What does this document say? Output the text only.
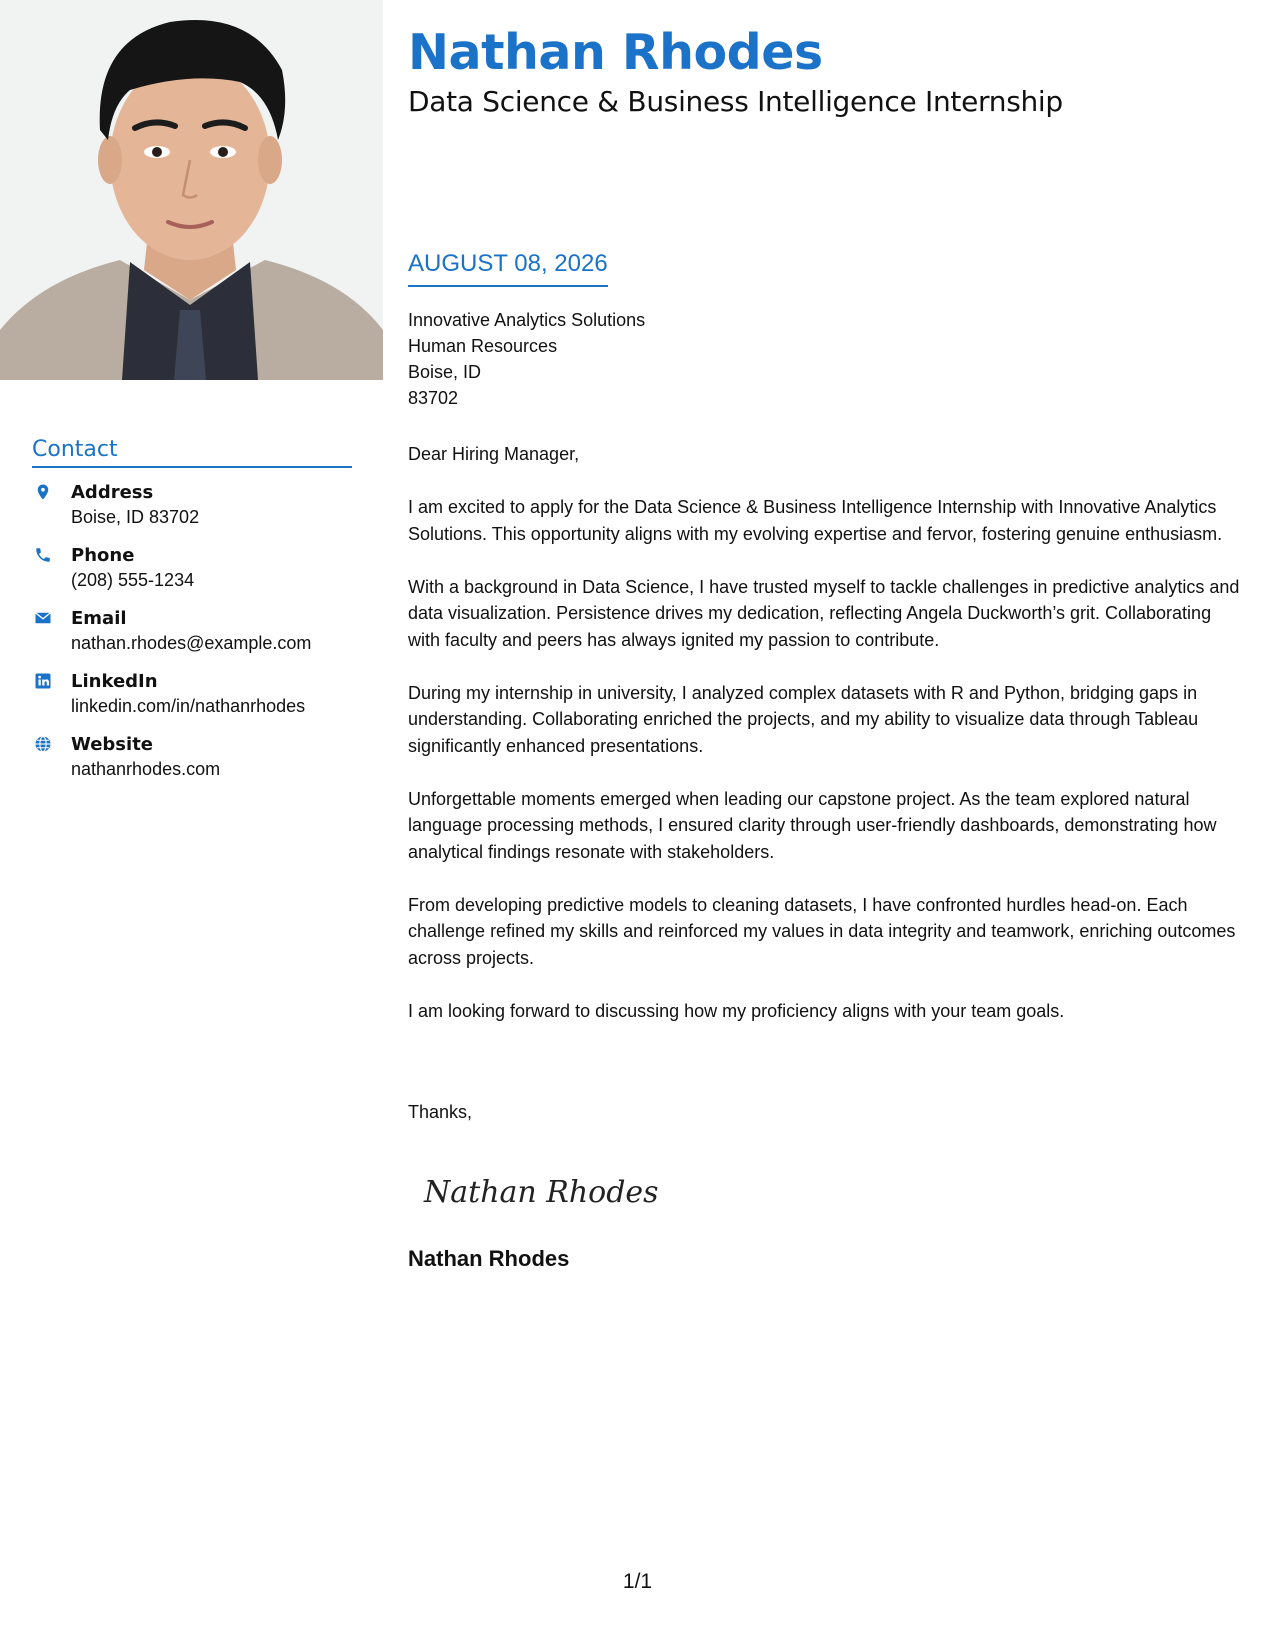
Contact
Address
Boise, ID 83702
Phone
(208) 555-1234
Email
nathan.rhodes@example.com
LinkedIn
linkedin.com/in/nathanrhodes
Website
nathanrhodes.com
Nathan Rhodes
Data Science & Business Intelligence Internship
AUGUST 08, 2026
Innovative Analytics Solutions
Human Resources
Boise, ID
83702

Dear Hiring Manager,

I am excited to apply for the Data Science & Business Intelligence Internship with Innovative Analytics Solutions. This opportunity aligns with my evolving expertise and fervor, fostering genuine enthusiasm.

With a background in Data Science, I have trusted myself to tackle challenges in predictive analytics and data visualization. Persistence drives my dedication, reflecting Angela Duckworth’s grit. Collaborating with faculty and peers has always ignited my passion to contribute.

During my internship in university, I analyzed complex datasets with R and Python, bridging gaps in understanding. Collaborating enriched the projects, and my ability to visualize data through Tableau significantly enhanced presentations.

Unforgettable moments emerged when leading our capstone project. As the team explored natural language processing methods, I ensured clarity through user-friendly dashboards, demonstrating how analytical findings resonate with stakeholders.

From developing predictive models to cleaning datasets, I have confronted hurdles head-on. Each challenge refined my skills and reinforced my values in data integrity and teamwork, enriching outcomes across projects.

I am looking forward to discussing how my proficiency aligns with your team goals.

Thanks,
Nathan Rhodes
Nathan Rhodes
1/1
